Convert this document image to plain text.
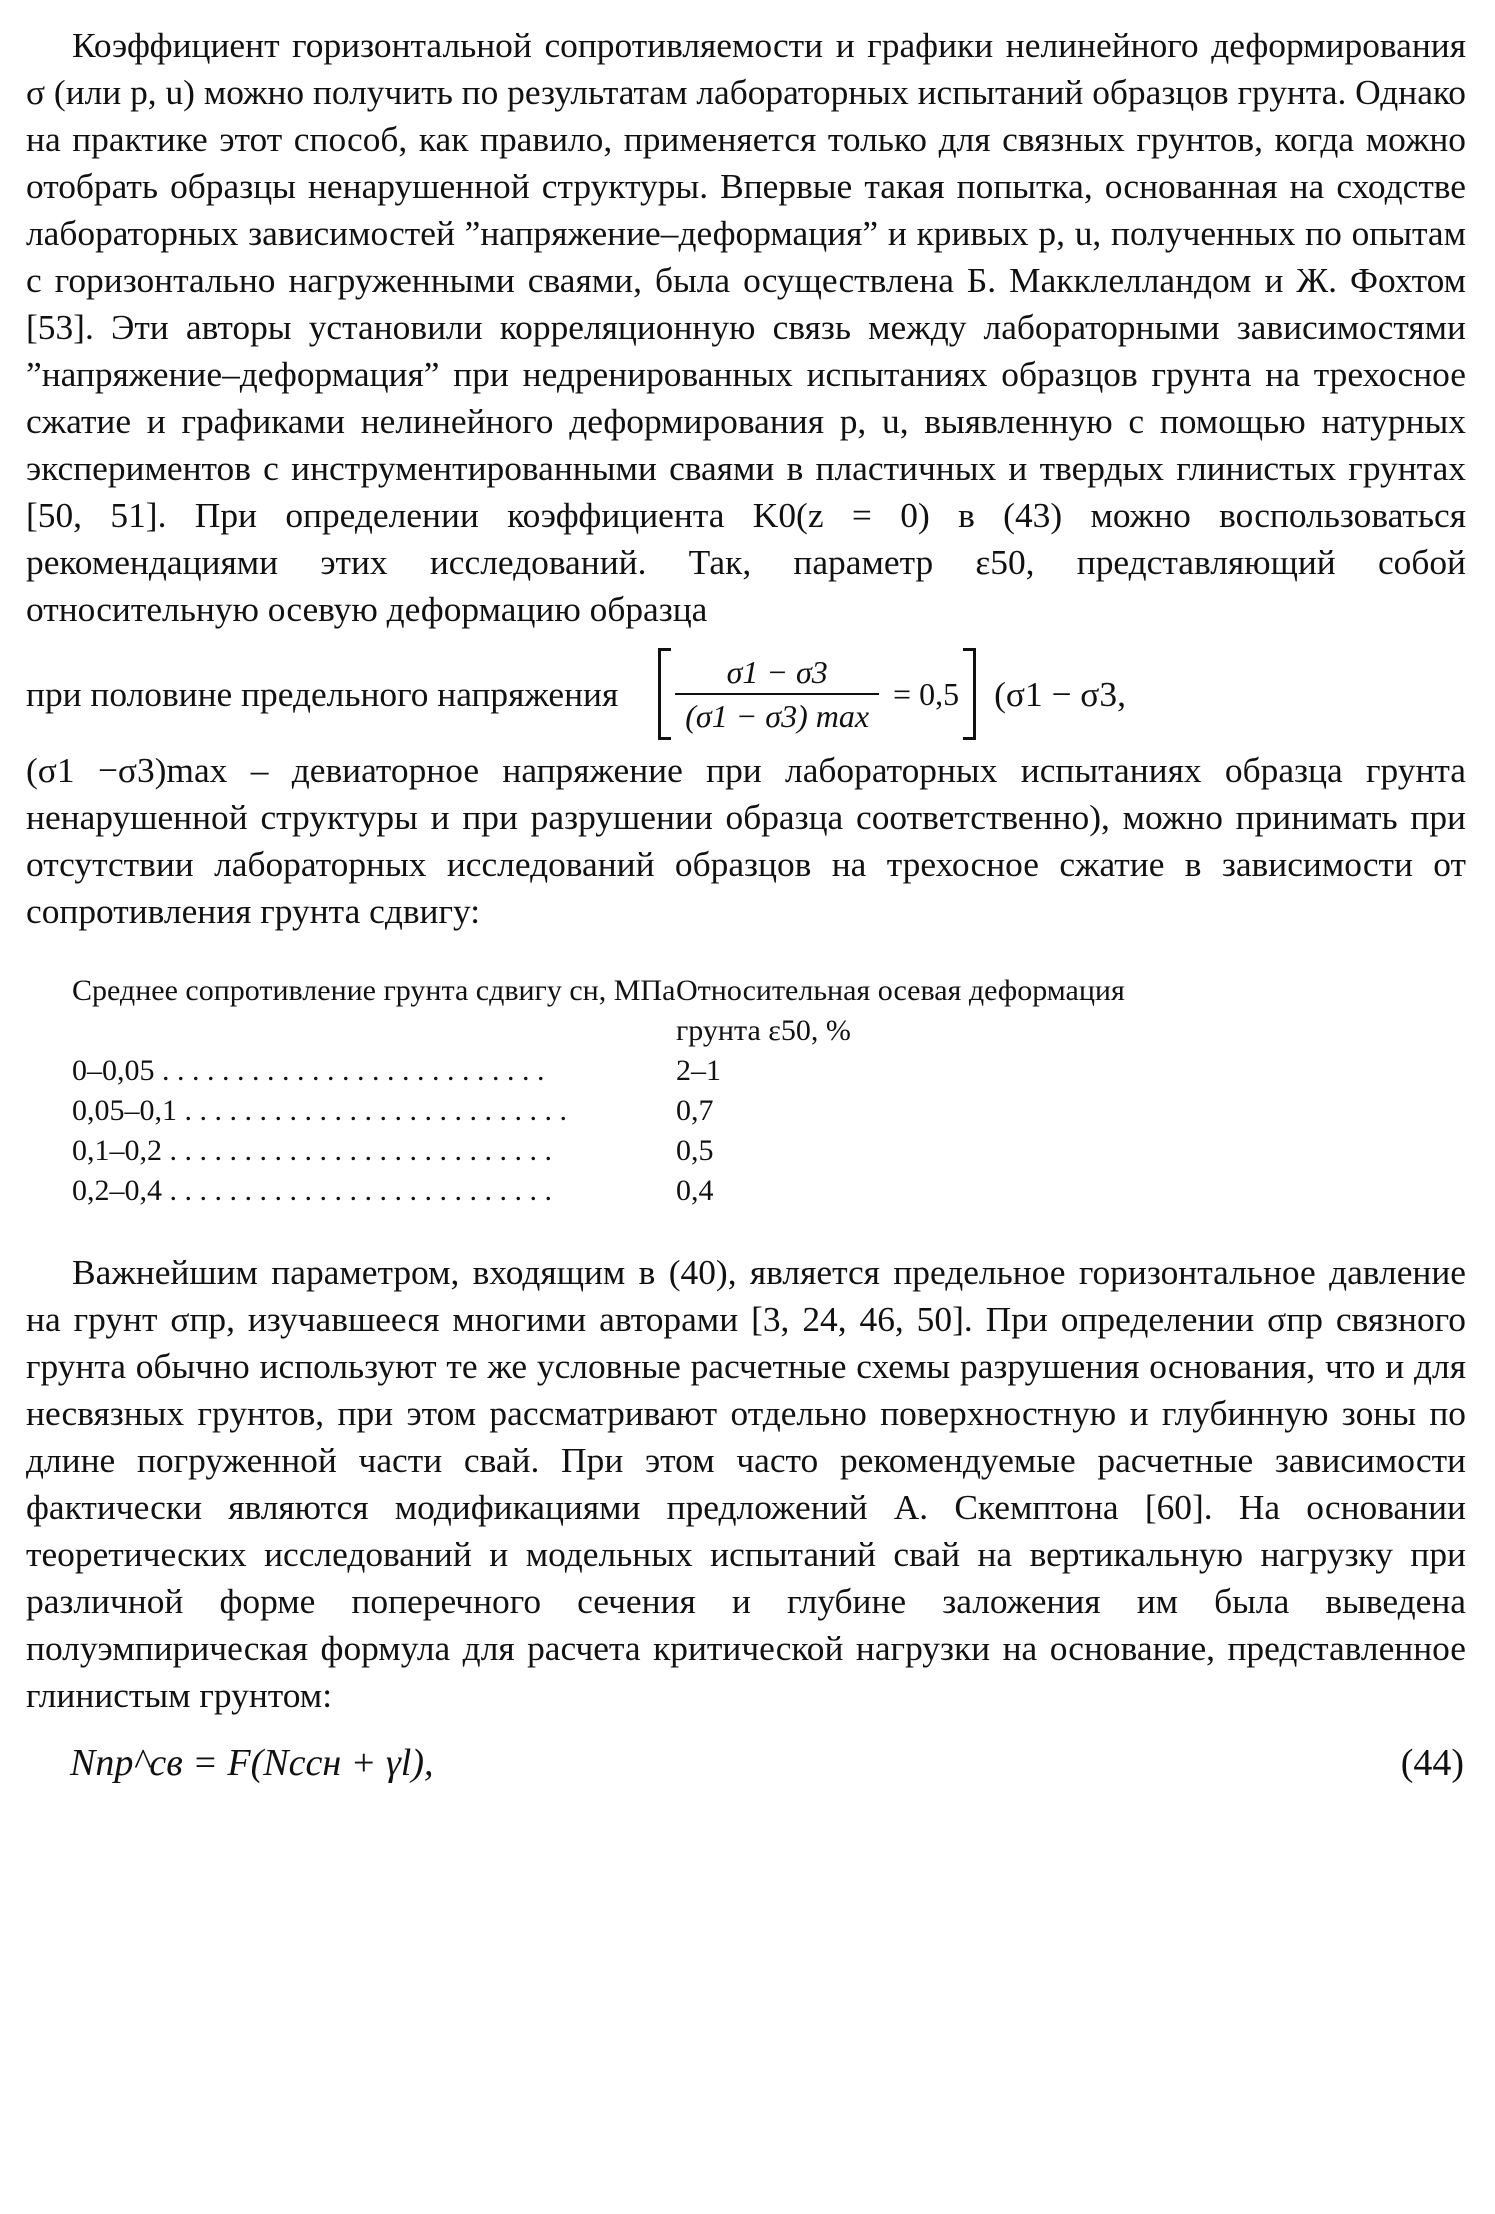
Коэффициент горизонтальной сопротивляемости и графики нелинейного деформирования σ (или p, u) можно получить по результатам лабораторных испытаний образцов грунта. Однако на практике этот способ, как правило, применяется только для связных грунтов, когда можно отобрать образцы ненарушенной структуры. Впервые такая попытка, основанная на сходстве лабораторных зависимостей ”напряжение–деформация” и кривых p, u, полученных по опытам с горизонтально нагруженными сваями, была осуществлена Б. Макклелландом и Ж. Фохтом [53]. Эти авторы установили корреляционную связь между лабораторными зависимостями ”напряжение–деформация” при недренированных испытаниях образцов грунта на трехосное сжатие и графиками нелинейного деформирования p, u, выявленную с помощью натурных экспериментов с инструментированными сваями в пластичных и твердых глинистых грунтах [50, 51]. При определении коэффициента K0(z = 0) в (43) можно воспользоваться рекомендациями этих исследований. Так, параметр ε50, представляющий собой относительную осевую деформацию образца

при половине предельного напряжения $\frac{\sigma 1 - \sigma 3}{(\sigma 1 - \sigma 3) \max} = 0,5$ (σ1 − σ3,

(σ1 −σ3)max – девиаторное напряжение при лабораторных испытаниях образца грунта ненарушенной структуры и при разрушении образца соответственно), можно принимать при отсутствии лабораторных исследований образцов на трехосное сжатие в зависимости от сопротивления грунта сдвигу:

Среднее сопротивление грунта сдвигу cн, МПа Относительная осевая деформация грунта ε50, %
0–0,05 . . . . . . . . . . . . . . . . . . . . . . . . . .	2–1
0,05–0,1 . . . . . . . . . . . . . . . . . . . . . . . . . .	0,7
0,1–0,2 . . . . . . . . . . . . . . . . . . . . . . . . . .	0,5
0,2–0,4 . . . . . . . . . . . . . . . . . . . . . . . . . .	0,4

Важнейшим параметром, входящим в (40), является предельное горизонтальное давление на грунт σпр, изучавшееся многими авторами [3, 24, 46, 50]. При определении σпр связного грунта обычно используют те же условные расчетные схемы разрушения основания, что и для несвязных грунтов, при этом рассматривают отдельно поверхностную и глубинную зоны по длине погруженной части свай. При этом часто рекомендуемые расчетные зависимости фактически являются модификациями предложений А. Скемптона [60]. На основании теоретических исследований и модельных испытаний свай на вертикальную нагрузку при различной форме поперечного сечения и глубине заложения им была выведена полуэмпирическая формула для расчета критической нагрузки на основание, представленное глинистым грунтом:

Nпр^св = F(Ncсн + γl),	(44)
